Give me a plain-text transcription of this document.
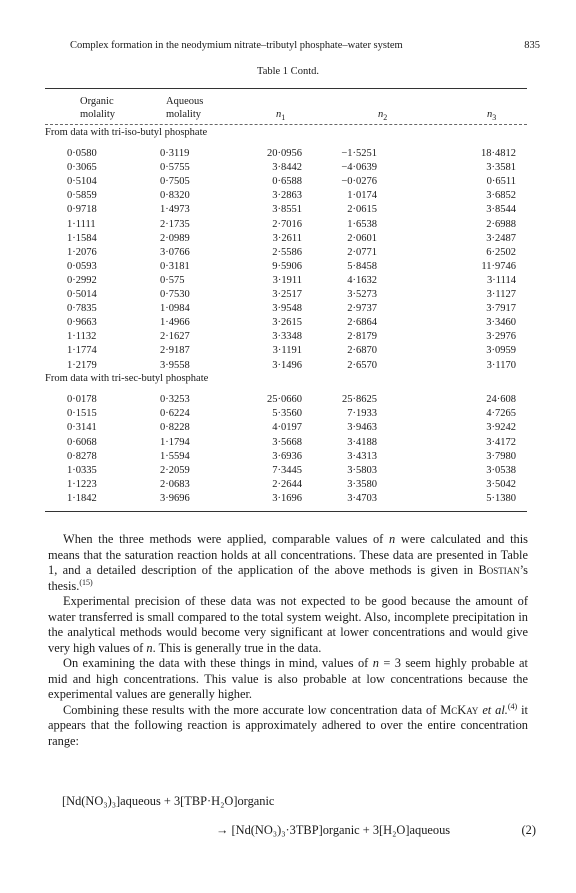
Complex formation in the neodymium nitrate–tributyl phosphate–water system	835
Table 1 Contd.
Organic
molality
Aqueous
molality	$n_1$	$n_2$	$n_3$
From data with tri-iso-butyl phosphate
0·0580	0·3119	20·0956	−1·5251	18·4812
0·3065	0·5755	3·8442	−4·0639	3·3581
0·5104	0·7505	0·6588	−0·0276	0·6511
0·5859	0·8320	3·2863	1·0174	3·6852
0·9718	1·4973	3·8551	2·0615	3·8544
1·1111	2·1735	2·7016	1·6538	2·6988
1·1584	2·0989	3·2611	2·0601	3·2487
1·2076	3·0766	2·5586	2·0771	6·2502
0·0593	0·3181	9·5906	5·8458	11·9746
0·2992	0·575	3·1911	4·1632	3·1114
0·5014	0·7530	3·2517	3·5273	3·1127
0·7835	1·0984	3·9548	2·9737	3·7917
0·9663	1·4966	3·2615	2·6864	3·3460
1·1132	2·1627	3·3348	2·8179	3·2976
1·1774	2·9187	3·1191	2·6870	3·0959
1·2179	3·9558	3·1496	2·6570	3·1170
From data with tri-sec-butyl phosphate
0·0178	0·3253	25·0660	25·8625	24·608
0·1515	0·6224	5·3560	7·1933	4·7265
0·3141	0·8228	4·0197	3·9463	3·9242
0·6068	1·1794	3·5668	3·4188	3·4172
0·8278	1·5594	3·6936	3·4313	3·7980
1·0335	2·2059	7·3445	3·5803	3·0538
1·1223	2·0683	2·2644	3·3580	3·5042
1·1842	3·9696	3·1696	3·4703	5·1380

When the three methods were applied, comparable values of n were calculated and this means that the saturation reaction holds at all concentrations. These data are presented in Table 1, and a detailed description of the application of the above methods is given in Bostian’s thesis.$^{(15)}$

Experimental precision of these data was not expected to be good because the amount of water transferred is small compared to the total system weight. Also, incomplete precipitation in the analytical methods would become very significant at lower concentrations and would give very high values of n. This is generally true in the data.

On examining the data with these things in mind, values of n = 3 seem highly probable at mid and high concentrations. This value is also probable at low concentrations because the experimental values are generally higher.

Combining these results with the more accurate low concentration data of McKay et al.$^{(4)}$ it appears that the following reaction is approximately adhered to over the entire concentration range:

[Nd(NO₃)₃]aqueous + 3[TBP·H₂O]organic
→ [Nd(NO₃)₃·3TBP]organic + 3[H₂O]aqueous	(2)
